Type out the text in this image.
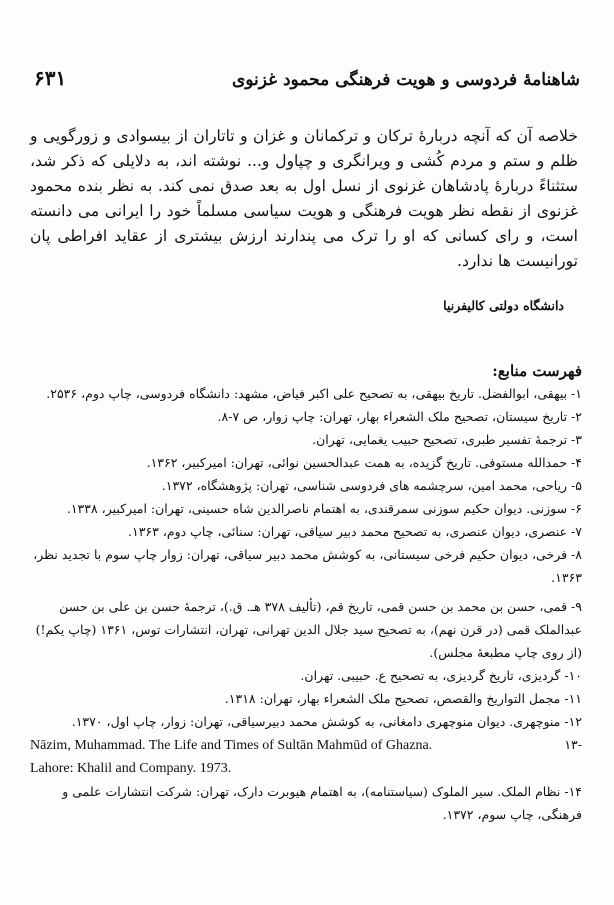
۶۳۱	شاهنامهٔ فردوسی و هویت فرهنگی محمود غزنوی

خلاصه آن که آنچه دربارهٔ ترکان و ترکمانان و غزان و تاتاران از بیسوادی و زورگویی و ظلم و ستم و مردم کُشی و ویرانگری و چپاول و... نوشته اند، به دلایلی که ذکر شد، ستثناءً دربارهٔ پادشاهان غزنوی از نسل اول به بعد صدق نمی کند. به نظر بنده محمود غزنوی از نقطه نظر هویت فرهنگی و هویت سیاسی مسلماً خود را ایرانی می دانسته است، و رای کسانی که او را ترک می پندارند ارزش بیشتری از عقاید افراطی پان تورانیست ها ندارد.

دانشگاه دولتی کالیفرنیا
فهرست منابع:

۱- بیهقی، ابوالفضل. تاریخ بیهقی، به تصحیح علی اکبر فیاض، مشهد: دانشگاه فردوسی، چاپ دوم، ۲۵۳۶.

۲- تاریخ سیستان، تصحیح ملک الشعراء بهار، تهران: چاپ زوار، ص ۷-۸.

۳- ترجمهٔ تفسیر طبری، تصحیح حبیب یغمایی، تهران.

۴- حمدالله مستوفی. تاریخ گزیده، به همت عبدالحسین نوائی، تهران: امیرکبیر، ۱۳۶۲.

۵- ریاحی، محمد امین، سرچشمه های فردوسی شناسی، تهران: پژوهشگاه، ۱۳۷۲.

۶- سوزنی. دیوان حکیم سوزنی سمرقندی، به اهتمام ناصرالدین شاه حسینی، تهران: امیرکبیر، ۱۳۳۸.

۷- عنصری، دیوان عنصری، به تصحیح محمد دبیر سیاقی، تهران: سنائی، چاپ دوم، ۱۳۶۳.

۸- فرخی، دیوان حکیم فرخی سیستانی، به کوشش محمد دبیر سیاقی، تهران: زوار چاپ سوم با تجدید نظر، ۱۳۶۳.

۹- قمی، حسن بن محمد بن حسن قمی، تاریخ قم، (تألیف ۳۷۸ هـ. ق.)، ترجمهٔ حسن بن علی بن حسن عبدالملک قمی (در قرن نهم)، به تصحیح سید جلال الدین تهرانی، تهران، انتشارات توس، ۱۳۶۱ (چاپ یکم!) (از روی چاپ مطبعهٔ مجلس).

۱۰- گردیزی، تاریخ گردیزی، به تصحیح ع. حبیبی. تهران.

۱۱- مجمل التواریخ والقصص، تصحیح ملک الشعراء بهار، تهران: ۱۳۱۸.

۱۲- منوچهری. دیوان منوچهری دامغانی، به کوشش محمد دبیرسیاقی، تهران: زوار، چاپ اول، ۱۳۷۰.

Nāzim, Muhammad. The Life and Times of Sultān Mahmūd of Ghazna.	-۱۳
Lahore: Khalil and Company. 1973.

۱۴- نظام الملک. سیر الملوک (سیاستنامه)، به اهتمام هیوبرت دارک، تهران: شرکت انتشارات علمی و فرهنگی، چاپ سوم، ۱۳۷۲.
